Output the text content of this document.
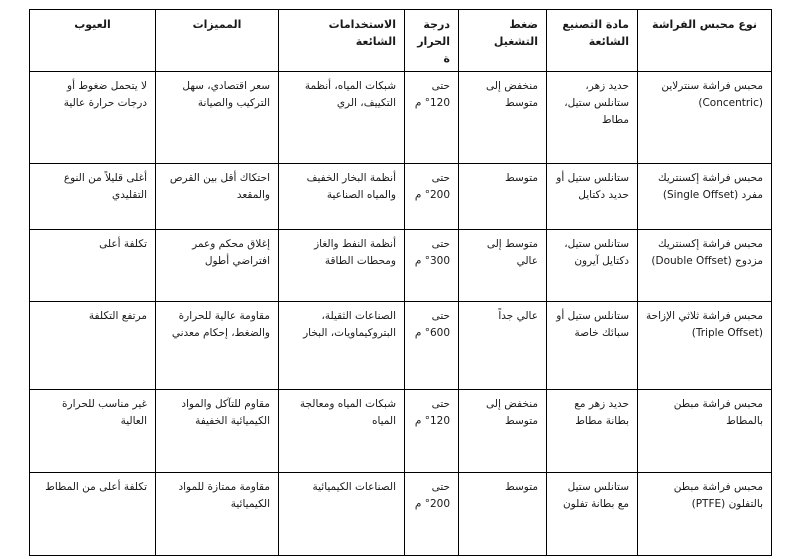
نوع محبس الفراشة	مادة التصنيع الشائعة	ضغط التشغيل	درجة الحرارة	الاستخدامات الشائعة	المميزات	العيوب
محبس فراشة سنترلاين (Concentric)	حديد زهر، ستانلس ستيل، مطاط	منخفض إلى متوسط	حتى 120° م	شبكات المياه، أنظمة التكييف، الري	سعر اقتصادي، سهل التركيب والصيانة	لا يتحمل ضغوط أو درجات حرارة عالية
محبس فراشة إكسنتريك مفرد (Single Offset)	ستانلس ستيل أو حديد دكتايل	متوسط	حتى 200° م	أنظمة البخار الخفيف والمياه الصناعية	احتكاك أقل بين القرص والمقعد	أغلى قليلاً من النوع التقليدي
محبس فراشة إكسنتريك مزدوج (Double Offset)	ستانلس ستيل، دكتايل آيرون	متوسط إلى عالي	حتى 300° م	أنظمة النفط والغاز ومحطات الطاقة	إغلاق محكم وعمر افتراضي أطول	تكلفة أعلى
محبس فراشة ثلاثي الإزاحة (Triple Offset)	ستانلس ستيل أو سبائك خاصة	عالي جداً	حتى 600° م	الصناعات الثقيلة، البتروكيماويات، البخار	مقاومة عالية للحرارة والضغط، إحكام معدني	مرتفع التكلفة
محبس فراشة مبطن بالمطاط	حديد زهر مع بطانة مطاط	منخفض إلى متوسط	حتى 120° م	شبكات المياه ومعالجة المياه	مقاوم للتآكل والمواد الكيميائية الخفيفة	غير مناسب للحرارة العالية
محبس فراشة مبطن بالتفلون (PTFE)	ستانلس ستيل مع بطانة تفلون	متوسط	حتى 200° م	الصناعات الكيميائية	مقاومة ممتازة للمواد الكيميائية	تكلفة أعلى من المطاط
